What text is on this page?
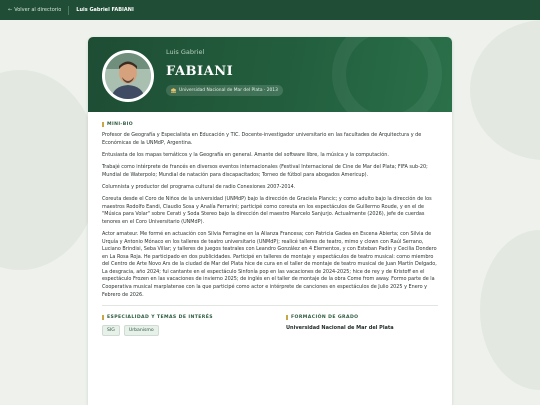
← Volver al directorio	Luis Gabriel FABIANI
Luis Gabriel
FABIANI
Universidad Nacional de Mar del Plata · 2013
MINI-BIO

Profesor de Geografía y Especialista en Educación y TIC. Docente-investigador universitario en las facultades de Arquitectura y de Económicas de la UNMdP, Argentina.

Entusiasta de los mapas temáticos y la Geografía en general. Amante del software libre, la música y la computación.

Trabajé como intérprete de francés en diversos eventos internacionales (Festival Internacional de Cine de Mar del Plata; FIFA sub-20; Mundial de Waterpolo; Mundial de natación para discapacitados; Torneo de fútbol para abogados Americup).

Columnista y productor del programa cultural de radio Conexiones 2007-2014.

Coreuta desde el Coro de Niños de la universidad (UNMdP) bajo la dirección de Graciela Plancic; y como adulto bajo la dirección de los maestros Rodolfo Eandi, Claudio Sosa y Analía Ferrarini; participé como coreuta en los espectáculos de Guillermo Roude, y en el de "Música para Volar" sobre Cerati y Soda Stereo bajo la dirección del maestro Marcelo Sanjurjo. Actualmente (2026), jefe de cuerdas tenores en el Coro Universitario (UNMdP).

Actor amateur. Me formé en actuación con Silvia Ferragine en la Alianza Francesa; con Patricia Gadea en Escena Abierta; con Silvia de Urquía y Antonio Mónaco en los talleres de teatro universitario (UNMdP); realicé talleres de teatro, mimo y clown con Raúl Serrano, Luciano Brindisi, Seba Villar; y talleres de juegos teatrales con Leandro González en 4 Elementos, y con Esteban Padín y Cecilia Dondero en La Rosa Roja. He participado en dos publicidades. Participé en talleres de montaje y espectáculos de teatro musical: como miembro del Centro de Arte Novo Ars de la ciudad de Mar del Plata hice de cura en el taller de montaje de teatro musical de Juan Martín Delgado, La desgracia, año 2024; fui cantante en el espectáculo Sinfonía pop en las vacaciones de 2024-2025; hice de rey y de Kristoff en el espectáculo Frozen en las vacaciones de invierno 2025; de inglés en el taller de montaje de la obra Come from away. Formo parte de la Cooperativa musical marplatense con la que participé como actor e intérprete de canciones en espectáculos de Julio 2025 y Enero y Febrero de 2026.

ESPECIALIDAD Y TEMAS DE INTERÉS
SIG	Urbanismo
FORMACIÓN DE GRADO
Universidad Nacional de Mar del Plata
